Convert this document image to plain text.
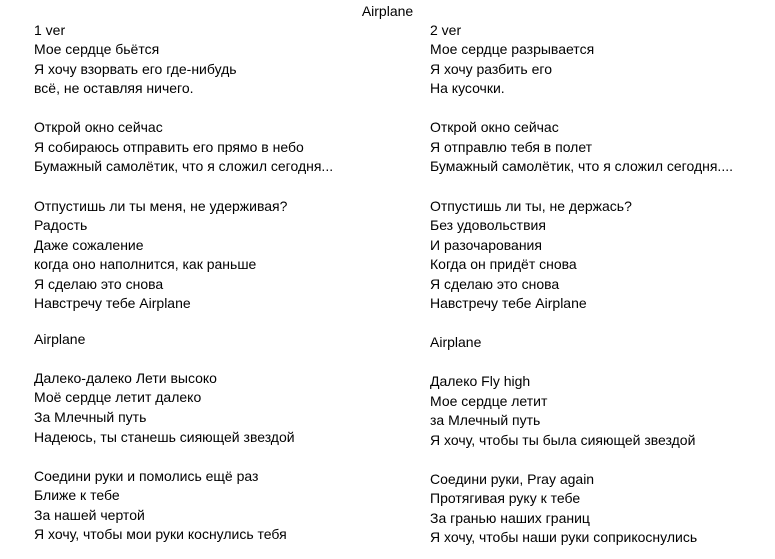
Airplane
1 ver
Мое сердце бьётся
Я хочу взорвать его где-нибудь
всё, не оставляя ничего.
Открой окно сейчас
Я собираюсь отправить его прямо в небо
Бумажный самолётик, что я сложил сегодня...
Отпустишь ли ты меня, не удерживая?
Радость
Даже сожаление
когда оно наполнится, как раньше
Я сделаю это снова
Навстречу тебе Airplane
Airplane
Далеко-далеко Лети высоко
Моё сердце летит далеко
За Млечный путь
Надеюсь, ты станешь сияющей звездой
Соедини руки и помолись ещё раз
Ближе к тебе
За нашей чертой
Я хочу, чтобы мои руки коснулись тебя
2 ver
Мое сердце разрывается
Я хочу разбить его
На кусочки.
Открой окно сейчас
Я отправлю тебя в полет
Бумажный самолётик, что я сложил сегодня....
Отпустишь ли ты, не держась?
Без удовольствия
И разочарования
Когда он придёт снова
Я сделаю это снова
Навстречу тебе Airplane
Airplane
Далеко Fly high
Мое сердце летит
за Млечный путь
Я хочу, чтобы ты была сияющей звездой
Соедини руки, Pray again
Протягивая руку к тебе
За гранью наших границ
Я хочу, чтобы наши руки соприкоснулись
